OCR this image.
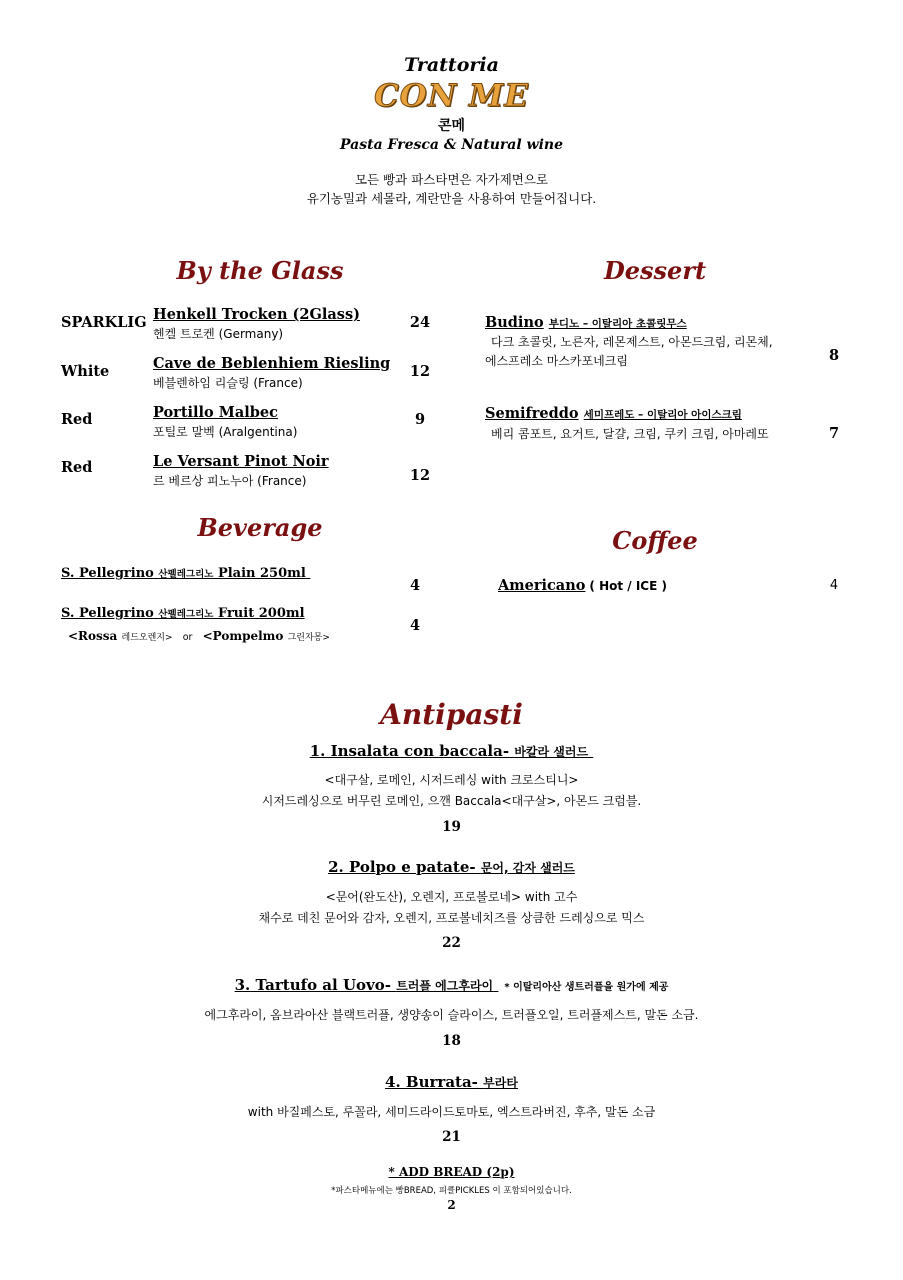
Trattoria
CON ME
콘메
Pasta Fresca & Natural wine
모든 빵과 파스타면은 자가제면으로
유기농밀과 세몰라, 계란만을 사용하여 만들어집니다.
By the Glass
SPARKLIG Henkell Trocken (2Glass)
헨켈 트로켄 (Germany)
24
White	Cave de Beblenhiem Riesling
베블렌하임 리슬링 (France)
12
Red	Portillo Malbec
포틸로 말벡 (Aralgentina)
9
Red	Le Versant Pinot Noir
르 베르상 피노누아 (France)	12
Dessert
Budino 부디노 – 이탈리아 초콜릿무스
다크 초콜릿, 노른자, 레몬제스트, 아몬드크림, 리몬체,
에스프레소 마스카포네크림	8
Semifreddo 세미프레도 – 이탈리아 아이스크림
베리 콤포트, 요거트, 달걀, 크림, 쿠키 크림, 아마레또	7
Beverage
S. Pellegrino 산펠레그리노 Plain 250ml
4
S. Pellegrino 산펠레그리노 Fruit 200ml
4
<Rossa 레드오렌지> or <Pompelmo 그린자몽>
Coffee
Americano ( Hot / ICE )	4
Antipasti
1. Insalata con baccala- 바칼라 샐러드
<대구살, 로메인, 시저드레싱 with 크로스티니>
시저드레싱으로 버무린 로메인, 으깬 Baccala<대구살>, 아몬드 크럼블.
19
2. Polpo e patate- 문어, 감자 샐러드
<문어(완도산), 오렌지, 프로볼로네> with 고수
채수로 데친 문어와 감자, 오렌지, 프로볼네치즈를 상큼한 드레싱으로 믹스
22
3. Tartufo al Uovo- 트러플 에그후라이 * 이탈리아산 생트러플을 원가에 제공
에그후라이, 옴브라아산 블랙트러플, 생양송이 슬라이스, 트러플오일, 트러플제스트, 말돈 소금.
18
4. Burrata- 부라타
with 바질페스토, 루꼴라, 세미드라이드토마토, 엑스트라버진, 후추, 말돈 소금
21
* ADD BREAD (2p)
*파스타메뉴에는 빵BREAD, 피클PICKLES 이 포함되어있습니다.
2
